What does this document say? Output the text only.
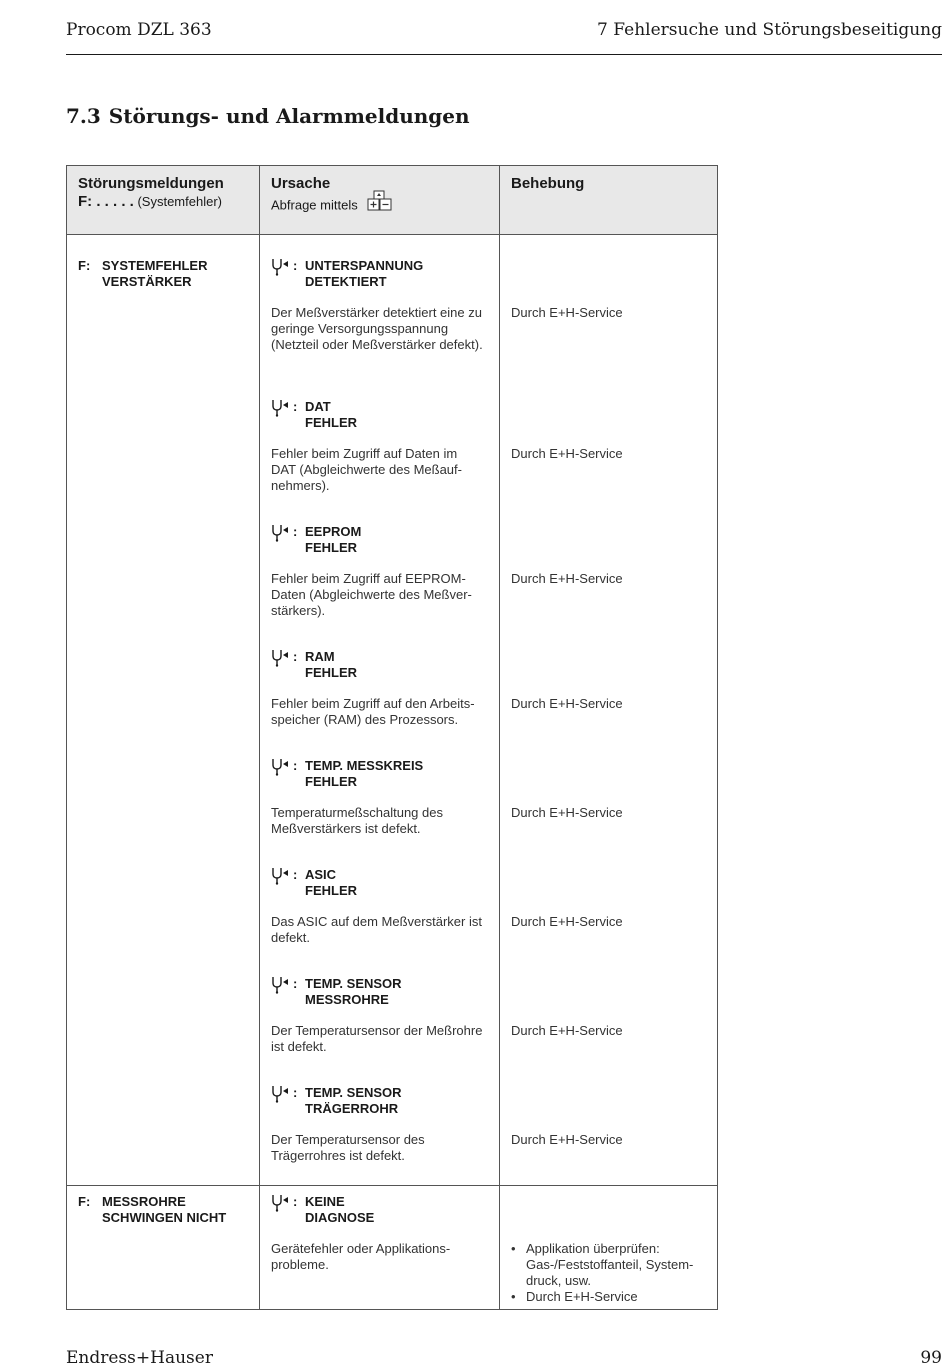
Procom DZL 363	7 Fehlersuche und Störungsbeseitigung
7.3 Störungs- und Alarmmeldungen
Störungsmeldungen
F: . . . . . (Systemfehler)
Ursache
Abfrage mittels
Behebung
F: SYSTEMFEHLER
VERSTÄRKER
: UNTERSPANNUNG
DETEKTIERT
Der Meßverstärker detektiert eine zu geringe Versorgungsspannung (Netzteil oder Meßverstärker defekt).
Durch E+H-Service
: DAT
FEHLER
Fehler beim Zugriff auf Daten im DAT (Abgleichwerte des Meßauf-nehmers).
Durch E+H-Service
: EEPROM
FEHLER
Fehler beim Zugriff auf EEPROM-Daten (Abgleichwerte des Meßver-stärkers).
Durch E+H-Service
: RAM
FEHLER
Fehler beim Zugriff auf den Arbeits-speicher (RAM) des Prozessors.
Durch E+H-Service
: TEMP. MESSKREIS
FEHLER
Temperaturmeßschaltung des Meßverstärkers ist defekt.
Durch E+H-Service
: ASIC
FEHLER
Das ASIC auf dem Meßverstärker ist defekt.
Durch E+H-Service
: TEMP. SENSOR
MESSROHRE
Der Temperatursensor der Meßrohre ist defekt.
Durch E+H-Service
: TEMP. SENSOR
TRÄGERROHR
Der Temperatursensor des Trägerrohres ist defekt.
Durch E+H-Service
F: MESSROHRE
SCHWINGEN NICHT
: KEINE
DIAGNOSE
Gerätefehler oder Applikations-probleme.
• Applikation überprüfen: Gas-/Feststoffanteil, System-druck, usw.
• Durch E+H-Service
Endress+Hauser	99
